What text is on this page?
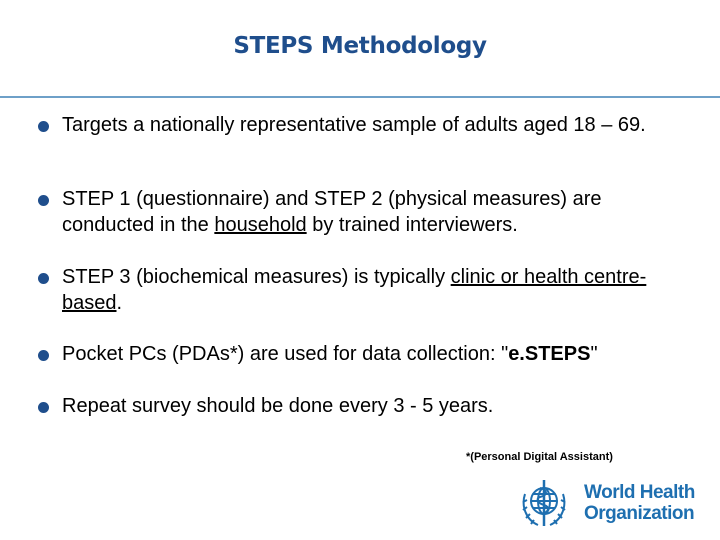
STEPS Methodology
Targets a nationally representative sample of adults aged 18 – 69.
STEP 1 (questionnaire) and STEP 2 (physical measures) are conducted in the household by trained interviewers.
STEP 3 (biochemical measures) is typically clinic or health centre-based.
Pocket PCs (PDAs*) are used for data collection: "e.STEPS"
Repeat survey should be done every 3 - 5 years.
*(Personal Digital Assistant)
World Health
Organization
